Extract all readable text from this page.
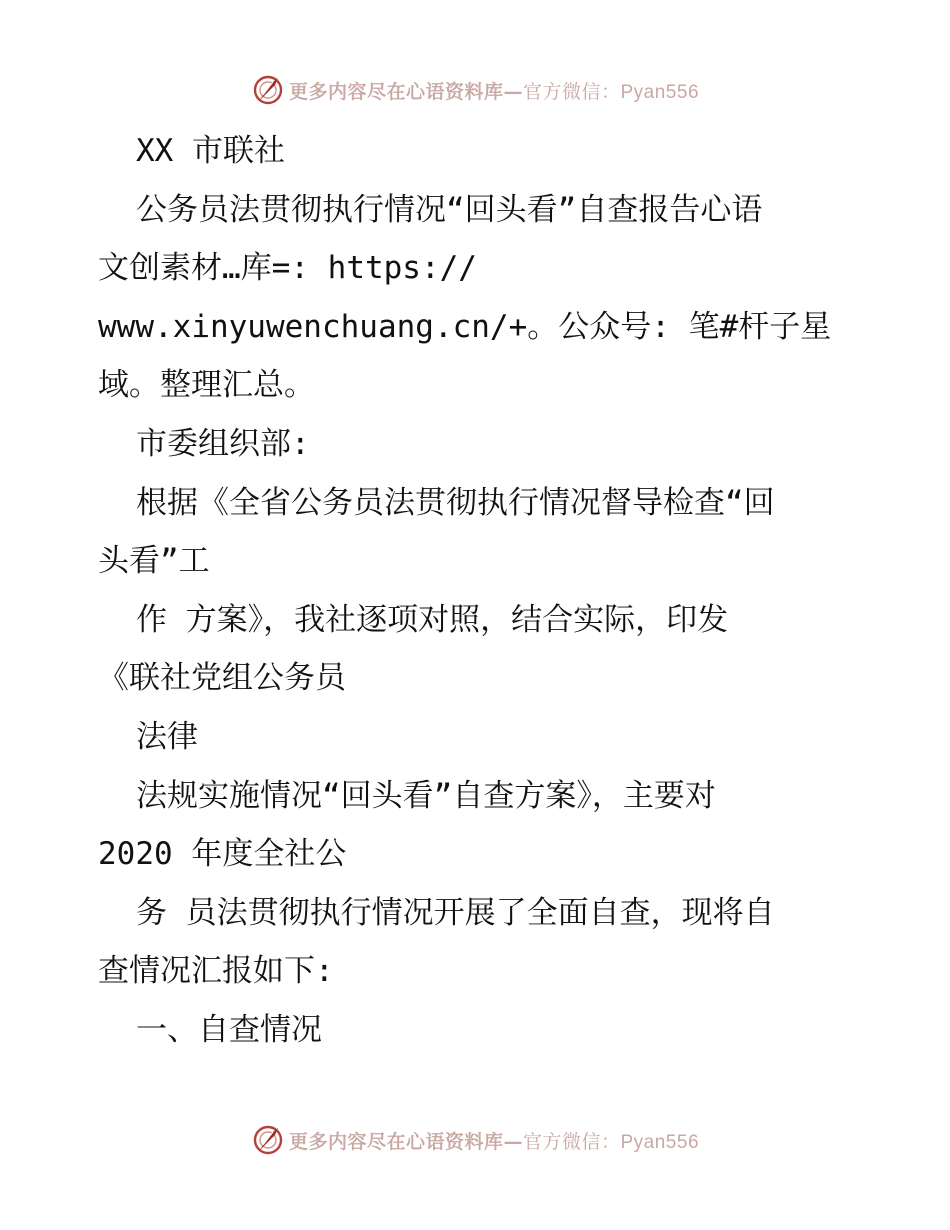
更多内容尽在心语资料库—官方微信：Pyan556
XX 市联社
公务员法贯彻执行情况“回头看”自查报告心语
文创素材…库=: https://
www.xinyuwenchuang.cn/+。公众号: 笔#杆子星
域。整理汇总。
市委组织部:
根据《全省公务员法贯彻执行情况督导检查“回
头看”工
作 方案》，我社逐项对照，结合实际，印发
《联社党组公务员
法律
法规实施情况“回头看”自查方案》，主要对
2020 年度全社公
务 员法贯彻执行情况开展了全面自查，现将自
查情况汇报如下:
一、自查情况
更多内容尽在心语资料库—官方微信：Pyan556
